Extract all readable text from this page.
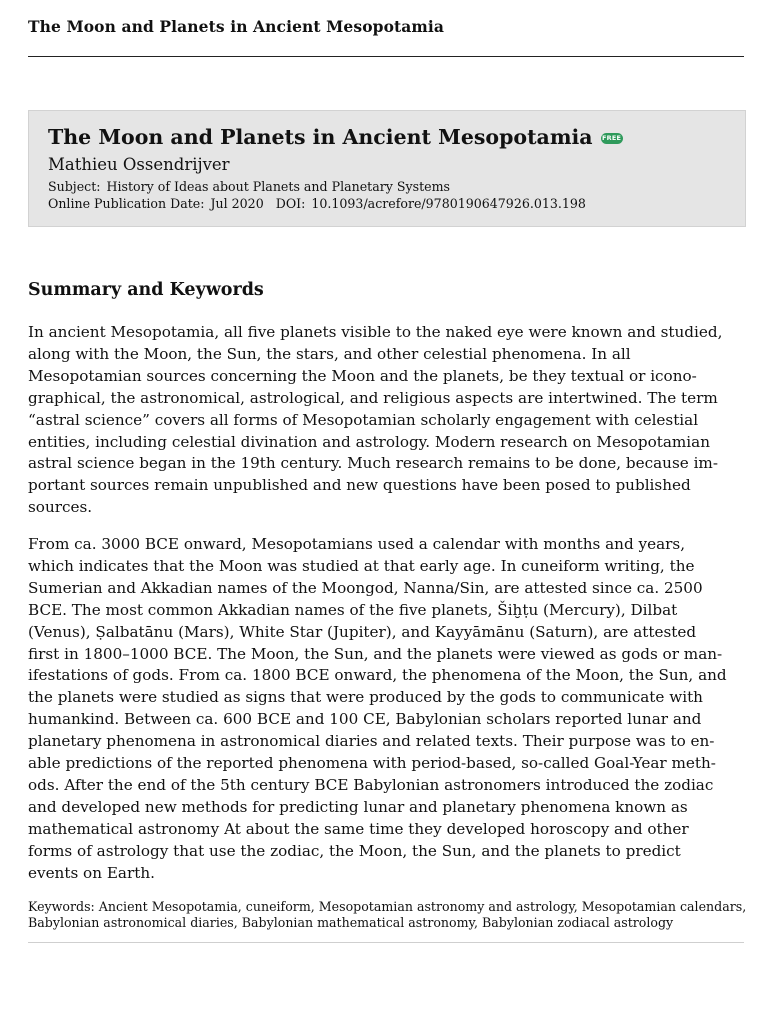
The Moon and Planets in Ancient Mesopotamia
The Moon and Planets in Ancient Mesopotamia FREE
Mathieu Ossendrijver
Subject: History of Ideas about Planets and Planetary Systems
Online Publication Date: Jul 2020 DOI: 10.1093/acrefore/9780190647926.013.198
Summary and Keywords
In ancient Mesopotamia, all five planets visible to the naked eye were known and studied,
along with the Moon, the Sun, the stars, and other celestial phenomena. In all
Mesopotamian sources concerning the Moon and the planets, be they textual or icono-
graphical, the astronomical, astrological, and religious aspects are intertwined. The term
“astral science” covers all forms of Mesopotamian scholarly engagement with celestial
entities, including celestial divination and astrology. Modern research on Mesopotamian
astral science began in the 19th century. Much research remains to be done, because im-
portant sources remain unpublished and new questions have been posed to published
sources.
From ca. 3000 BCE onward, Mesopotamians used a calendar with months and years,
which indicates that the Moon was studied at that early age. In cuneiform writing, the
Sumerian and Akkadian names of the Moongod, Nanna/Sin, are attested since ca. 2500
BCE. The most common Akkadian names of the five planets, Šiḫṭu (Mercury), Dilbat
(Venus), Ṣalbatānu (Mars), White Star (Jupiter), and Kayyāmānu (Saturn), are attested
first in 1800–1000 BCE. The Moon, the Sun, and the planets were viewed as gods or man-
ifestations of gods. From ca. 1800 BCE onward, the phenomena of the Moon, the Sun, and
the planets were studied as signs that were produced by the gods to communicate with
humankind. Between ca. 600 BCE and 100 CE, Babylonian scholars reported lunar and
planetary phenomena in astronomical diaries and related texts. Their purpose was to en-
able predictions of the reported phenomena with period-based, so-called Goal-Year meth-
ods. After the end of the 5th century BCE Babylonian astronomers introduced the zodiac
and developed new methods for predicting lunar and planetary phenomena known as
mathematical astronomy At about the same time they developed horoscopy and other
forms of astrology that use the zodiac, the Moon, the Sun, and the planets to predict
events on Earth.
Keywords: Ancient Mesopotamia, cuneiform, Mesopotamian astronomy and astrology, Mesopotamian calendars,
Babylonian astronomical diaries, Babylonian mathematical astronomy, Babylonian zodiacal astrology
